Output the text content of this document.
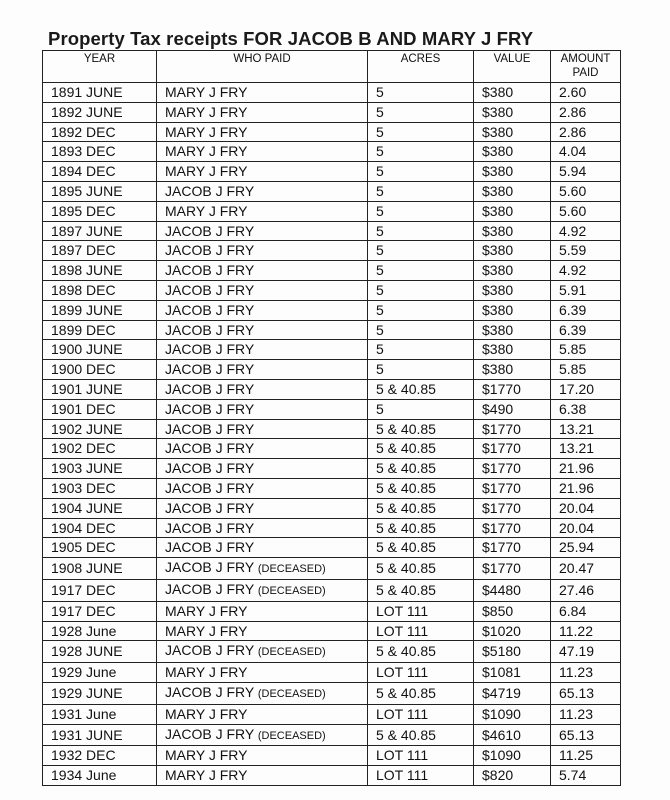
Property Tax receipts FOR JACOB B AND MARY J FRY
YEAR	WHO PAID	ACRES	VALUE	AMOUNT
PAID
1891 JUNE	MARY J FRY	5	$380	2.60
1892 JUNE	MARY J FRY	5	$380	2.86
1892 DEC	MARY J FRY	5	$380	2.86
1893 DEC	MARY J FRY	5	$380	4.04
1894 DEC	MARY J FRY	5	$380	5.94
1895 JUNE	JACOB J FRY	5	$380	5.60
1895 DEC	MARY J FRY	5	$380	5.60
1897 JUNE	JACOB J FRY	5	$380	4.92
1897 DEC	JACOB J FRY	5	$380	5.59
1898 JUNE	JACOB J FRY	5	$380	4.92
1898 DEC	JACOB J FRY	5	$380	5.91
1899 JUNE	JACOB J FRY	5	$380	6.39
1899 DEC	JACOB J FRY	5	$380	6.39
1900 JUNE	JACOB J FRY	5	$380	5.85
1900 DEC	JACOB J FRY	5	$380	5.85
1901 JUNE	JACOB J FRY	5 & 40.85	$1770	17.20
1901 DEC	JACOB J FRY	5	$490	6.38
1902 JUNE	JACOB J FRY	5 & 40.85	$1770	13.21
1902 DEC	JACOB J FRY	5 & 40.85	$1770	13.21
1903 JUNE	JACOB J FRY	5 & 40.85	$1770	21.96
1903 DEC	JACOB J FRY	5 & 40.85	$1770	21.96
1904 JUNE	JACOB J FRY	5 & 40.85	$1770	20.04
1904 DEC	JACOB J FRY	5 & 40.85	$1770	20.04
1905 DEC	JACOB J FRY	5 & 40.85	$1770	25.94
1908 JUNE	JACOB J FRY (DECEASED)	5 & 40.85	$1770	20.47
1917 DEC	JACOB J FRY (DECEASED)	5 & 40.85	$4480	27.46
1917 DEC	MARY J FRY	LOT 111	$850	6.84
1928 June	MARY J FRY	LOT 111	$1020	11.22
1928 JUNE	JACOB J FRY (DECEASED)	5 & 40.85	$5180	47.19
1929 June	MARY J FRY	LOT 111	$1081	11.23
1929 JUNE	JACOB J FRY (DECEASED)	5 & 40.85	$4719	65.13
1931 June	MARY J FRY	LOT 111	$1090	11.23
1931 JUNE	JACOB J FRY (DECEASED)	5 & 40.85	$4610	65.13
1932 DEC	MARY J FRY	LOT 111	$1090	11.25
1934 June	MARY J FRY	LOT 111	$820	5.74
